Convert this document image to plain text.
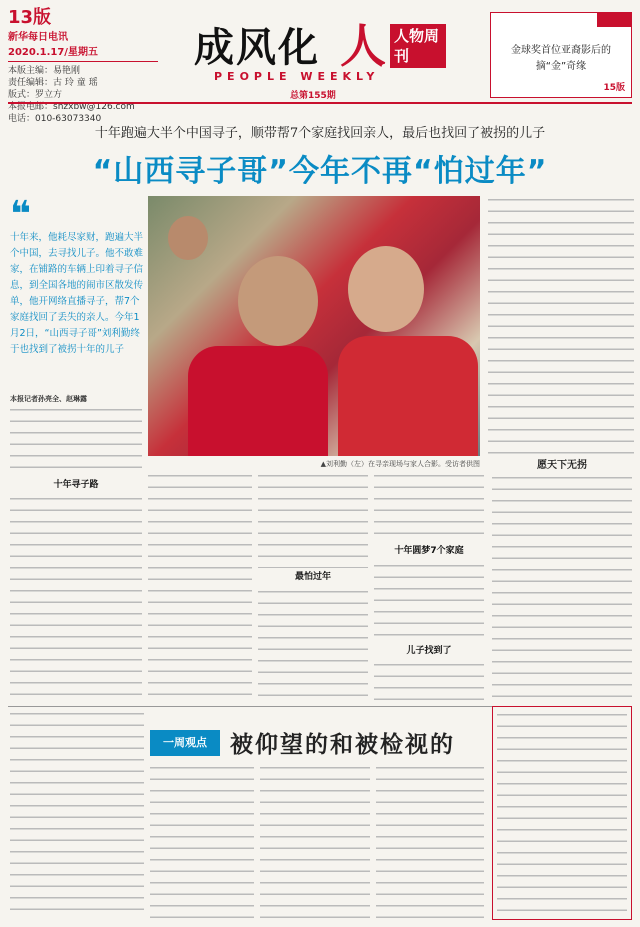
13版
新华每日电讯
2020.1.17/星期五
本版主编：易艳刚
责任编辑：古 玲 童 瑶
版式：罗立方
本报电邮：shzxbw@126.com
电话：010-63073340
成风化 人 人物周刊
PEOPLE WEEKLY
总第155期
金球奖首位亚裔影后的摘“金”奇缘
15版
十年跑遍大半个中国寻子，顺带帮7个家庭找回亲人，最后也找回了被拐的儿子
“山西寻子哥”今年不再“怕过年”
❝
十年来，他耗尽家财，跑遍大半个中国，去寻找儿子。他不敢难家，在铺路的车辆上印着寻子信息，到全国各地的闹市区散发传单，他开网络直播寻子，帮7个家庭找回了丢失的亲人。今年1月2日，“山西寻子哥”刘利勤终于也找到了被拐十年的儿子
▲刘利勤（左）在寻亲现场与家人合影。受访者供图
本报记者孙亮全、赵琳露
十年寻子路
最怕过年
十年圆梦7个家庭
儿子找到了
愿天下无拐
一周观点	被仰望的和被检视的
